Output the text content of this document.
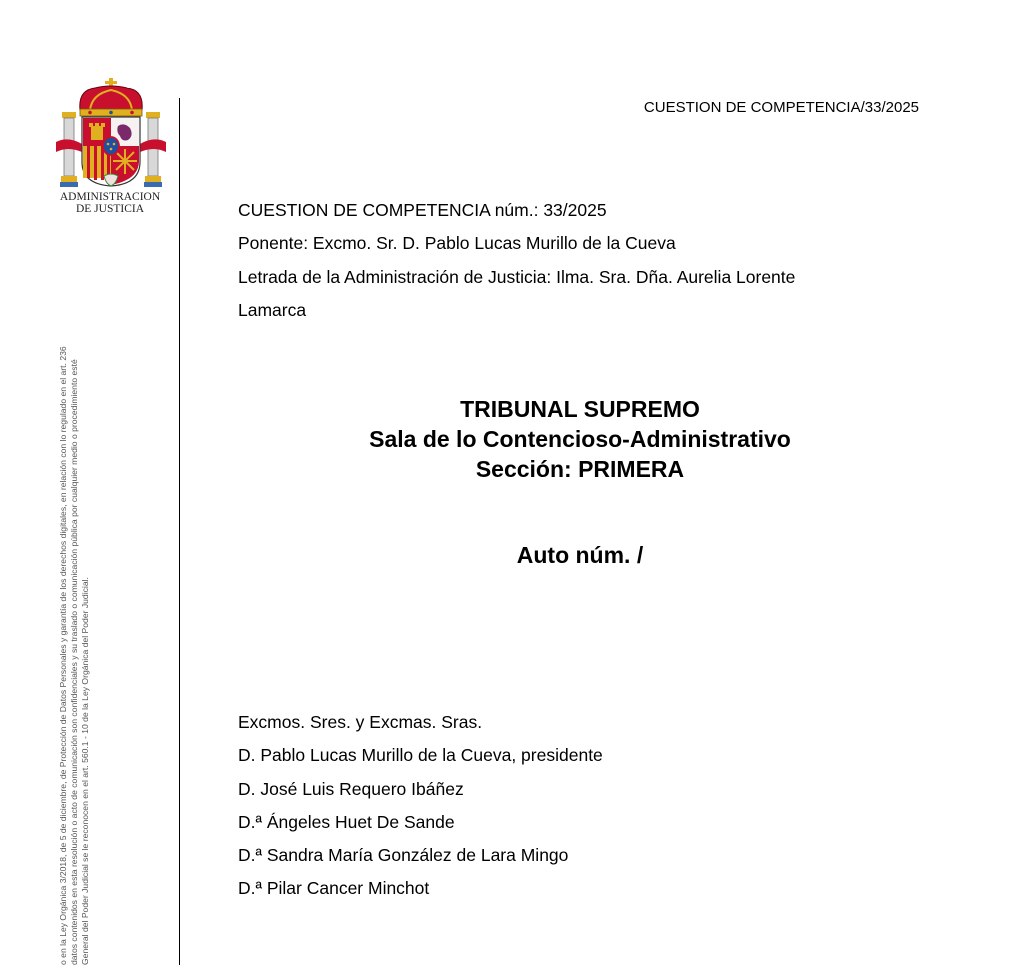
ADMINISTRACION
DE JUSTICIA
o en la Ley Orgánica 3/2018, de 5 de diciembre, de Protección de Datos Personales y garantía de los derechos digitales, en relación con lo regulado en el art. 236 datos contenidos en esta resolución o acto de comunicación son confidenciales y su traslado o comunicación pública por cualquier medio o procedimiento esté General del Poder Judicial se le reconocen en el art. 560.1 - 10 de la Ley Orgánica del Poder Judicial.
CUESTION DE COMPETENCIA/33/2025
CUESTION DE COMPETENCIA núm.: 33/2025
Ponente: Excmo. Sr. D. Pablo Lucas Murillo de la Cueva
Letrada de la Administración de Justicia: Ilma. Sra. Dña. Aurelia Lorente
Lamarca
TRIBUNAL SUPREMO
Sala de lo Contencioso-Administrativo
Sección: PRIMERA
Auto núm. /
Excmos. Sres. y Excmas. Sras.
D. Pablo Lucas Murillo de la Cueva, presidente
D. José Luis Requero Ibáñez
D.ª Ángeles Huet De Sande
D.ª Sandra María González de Lara Mingo
D.ª Pilar Cancer Minchot
